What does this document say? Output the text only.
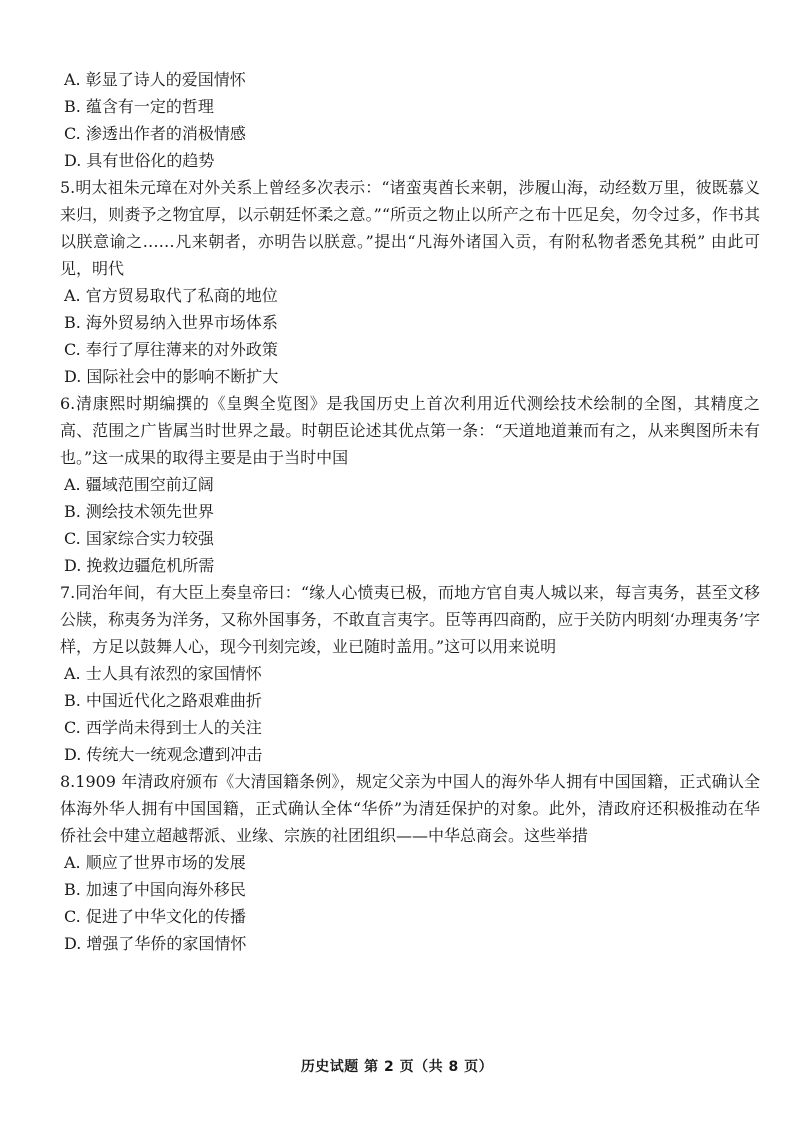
A. 彰显了诗人的爱国情怀
B. 蕴含有一定的哲理
C. 渗透出作者的消极情感
D. 具有世俗化的趋势

5.明太祖朱元璋在对外关系上曾经多次表示：“诸蛮夷酋长来朝，涉履山海，动经数万里，彼既慕义来归，则赉予之物宜厚，以示朝廷怀柔之意。”“所贡之物止以所产之布十匹足矣，勿令过多，作书其以朕意谕之……凡来朝者，亦明告以朕意。”提出“凡海外诸国入贡，有附私物者悉免其税” 由此可见，明代

A. 官方贸易取代了私商的地位
B. 海外贸易纳入世界市场体系
C. 奉行了厚往薄来的对外政策
D. 国际社会中的影响不断扩大

6.清康熙时期编撰的《皇舆全览图》是我国历史上首次利用近代测绘技术绘制的全图，其精度之高、范围之广皆属当时世界之最。时朝臣论述其优点第一条：“天道地道兼而有之，从来舆图所未有也。”这一成果的取得主要是由于当时中国

A. 疆域范围空前辽阔
B. 测绘技术领先世界
C. 国家综合实力较强
D. 挽救边疆危机所需

7.同治年间，有大臣上奏皇帝曰：“缘人心愤夷已极，而地方官自夷人城以来，每言夷务，甚至文移公牍，称夷务为洋务，又称外国事务，不敢直言夷字。臣等再四商酌，应于关防内明刻‘办理夷务’字样，方足以鼓舞人心，现今刊刻完竣，业已随时盖用。”这可以用来说明

A. 士人具有浓烈的家国情怀
B. 中国近代化之路艰难曲折
C. 西学尚未得到士人的关注
D. 传统大一统观念遭到冲击

8.1909 年清政府颁布《大清国籍条例》，规定父亲为中国人的海外华人拥有中国国籍，正式确认全体海外华人拥有中国国籍，正式确认全体“华侨”为清廷保护的对象。此外，清政府还积极推动在华侨社会中建立超越帮派、业缘、宗族的社团组织——中华总商会。这些举措

A. 顺应了世界市场的发展
B. 加速了中国向海外移民
C. 促进了中华文化的传播
D. 增强了华侨的家国情怀
历史试题 第 2 页（共 8 页）
